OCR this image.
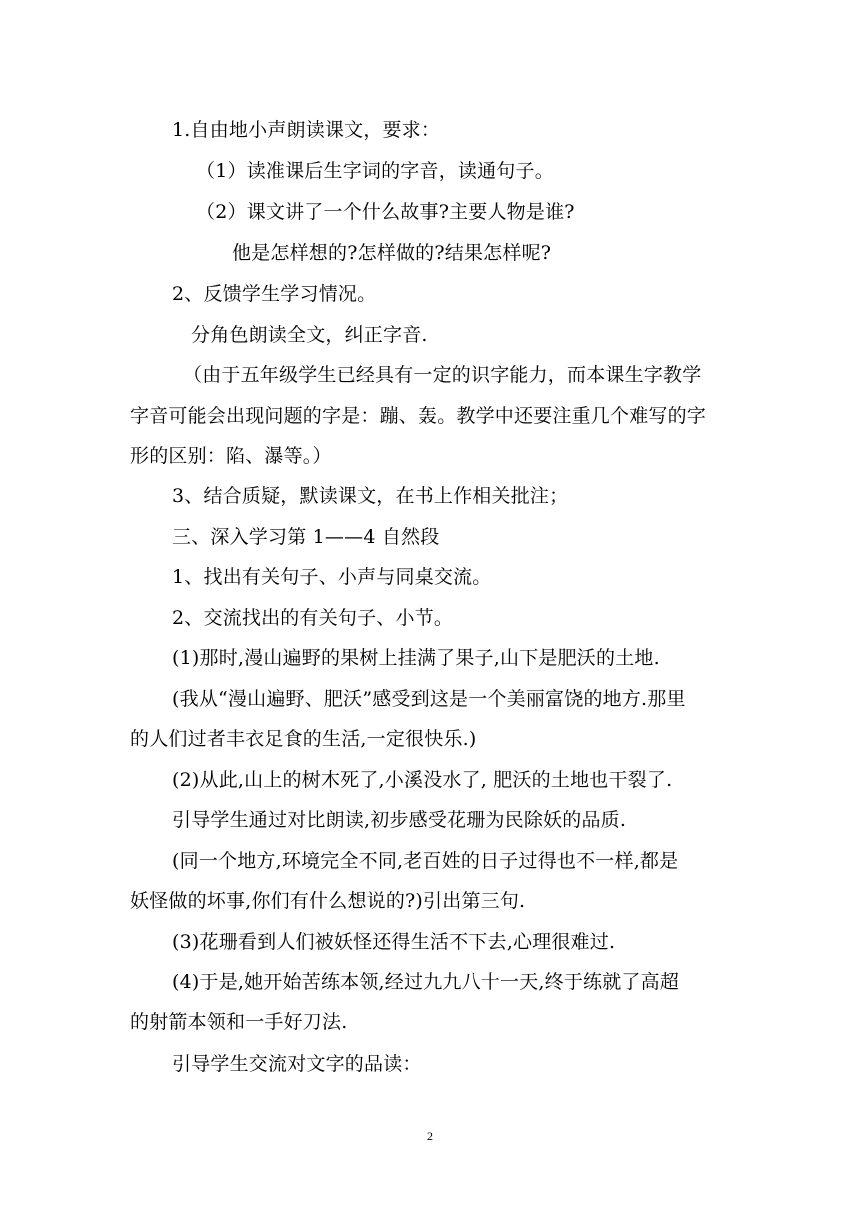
1.自由地小声朗读课文，要求：
（1）读准课后生字词的字音，读通句子。
（2）课文讲了一个什么故事?主要人物是谁?
他是怎样想的?怎样做的?结果怎样呢?
2、反馈学生学习情况。
分角色朗读全文，纠正字音.
（由于五年级学生已经具有一定的识字能力，而本课生字教学
字音可能会出现问题的字是：蹦、轰。教学中还要注重几个难写的字
形的区别：陷、瀑等。）
3、结合质疑，默读课文，在书上作相关批注；
三、深入学习第 1——4 自然段
1、找出有关句子、小声与同桌交流。
2、交流找出的有关句子、小节。
(1)那时,漫山遍野的果树上挂满了果子,山下是肥沃的土地.
(我从“漫山遍野、肥沃”感受到这是一个美丽富饶的地方.那里
的人们过者丰衣足食的生活,一定很快乐.)
(2)从此,山上的树木死了,小溪没水了, 肥沃的土地也干裂了.
引导学生通过对比朗读,初步感受花珊为民除妖的品质.
(同一个地方,环境完全不同,老百姓的日子过得也不一样,都是
妖怪做的坏事,你们有什么想说的?)引出第三句.
(3)花珊看到人们被妖怪还得生活不下去,心理很难过.
(4)于是,她开始苦练本领,经过九九八十一天,终于练就了高超
的射箭本领和一手好刀法.
引导学生交流对文字的品读：
2
